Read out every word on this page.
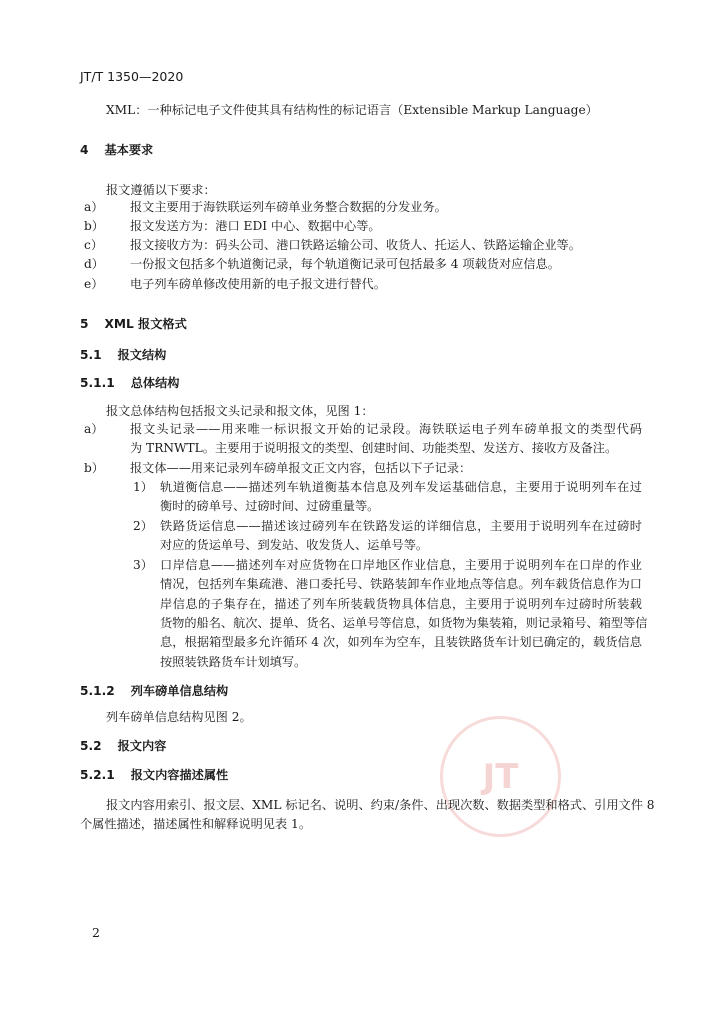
JT/T 1350—2020
XML：一种标记电子文件使其具有结构性的标记语言（Extensible Markup Language）
4 基本要求
报文遵循以下要求：
a） 报文主要用于海铁联运列车磅单业务整合数据的分发业务。
b） 报文发送方为：港口 EDI 中心、数据中心等。
c） 报文接收方为：码头公司、港口铁路运输公司、收货人、托运人、铁路运输企业等。
d） 一份报文包括多个轨道衡记录，每个轨道衡记录可包括最多 4 项载货对应信息。
e） 电子列车磅单修改使用新的电子报文进行替代。
5 XML 报文格式
5.1 报文结构
5.1.1 总体结构
报文总体结构包括报文头记录和报文体，见图 1：
a） 报文头记录——用来唯一标识报文开始的记录段。海铁联运电子列车磅单报文的类型代码
为 TRNWTL。主要用于说明报文的类型、创建时间、功能类型、发送方、接收方及备注。
b） 报文体——用来记录列车磅单报文正文内容，包括以下子记录：
1） 轨道衡信息——描述列车轨道衡基本信息及列车发运基础信息，主要用于说明列车在过
衡时的磅单号、过磅时间、过磅重量等。
2） 铁路货运信息——描述该过磅列车在铁路发运的详细信息，主要用于说明列车在过磅时
对应的货运单号、到发站、收发货人、运单号等。
3） 口岸信息——描述列车对应货物在口岸地区作业信息，主要用于说明列车在口岸的作业
情况，包括列车集疏港、港口委托号、铁路装卸车作业地点等信息。列车载货信息作为口
岸信息的子集存在，描述了列车所装载货物具体信息，主要用于说明列车过磅时所装载
货物的船名、航次、提单、货名、运单号等信息，如货物为集装箱，则记录箱号、箱型等信
息，根据箱型最多允许循环 4 次，如列车为空车，且装铁路货车计划已确定的，载货信息
按照装铁路货车计划填写。
5.1.2 列车磅单信息结构
列车磅单信息结构见图 2。
5.2 报文内容
JT
5.2.1 报文内容描述属性
报文内容用索引、报文层、XML 标记名、说明、约束/条件、出现次数、数据类型和格式、引用文件 8
个属性描述，描述属性和解释说明见表 1。
2
